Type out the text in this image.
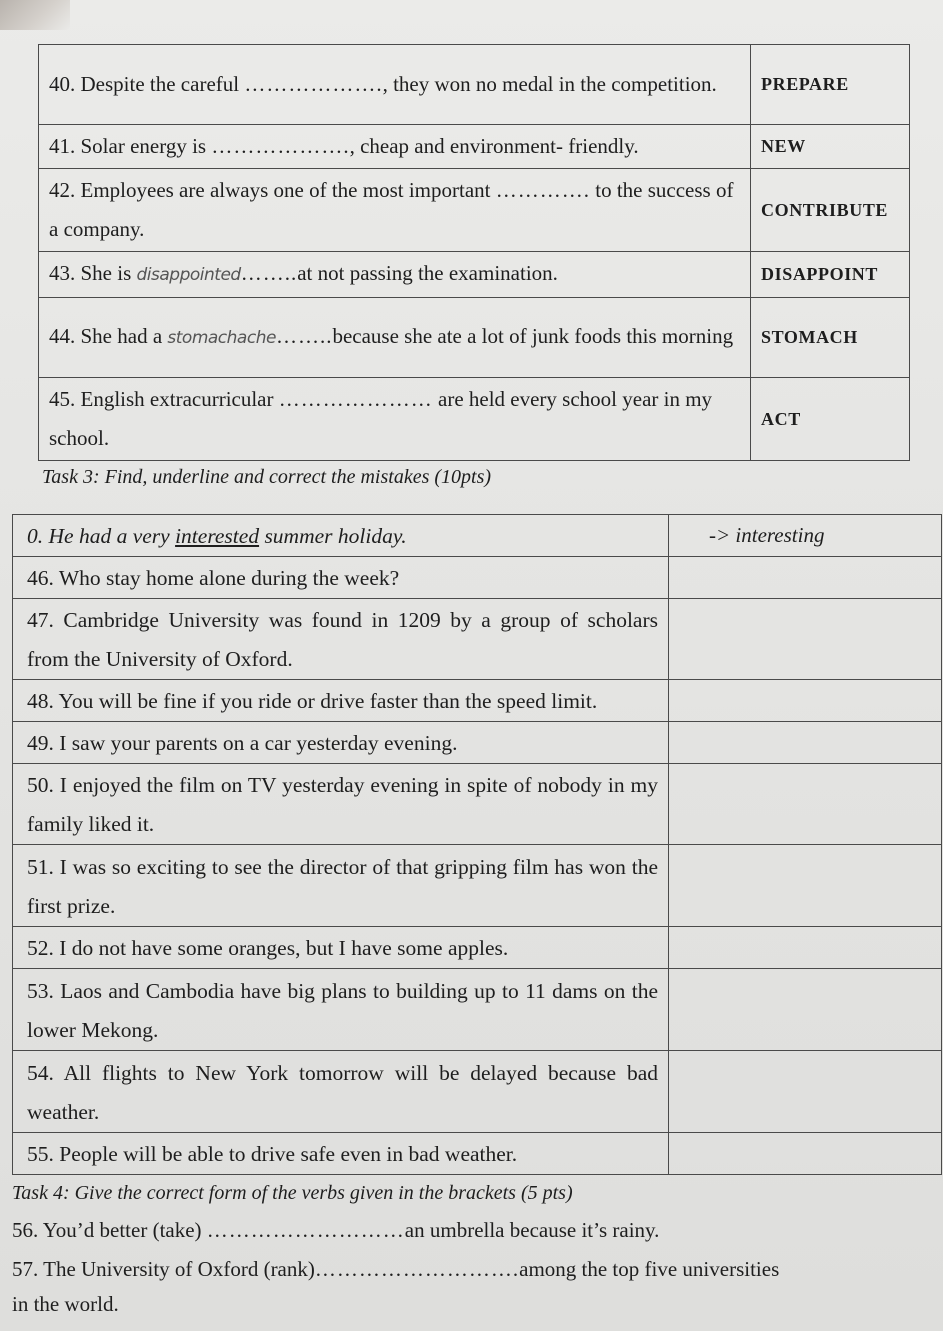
40. Despite the careful ………………., they won no medal in the competition.	PREPARE
41. Solar energy is ………………., cheap and environment- friendly.	NEW
42. Employees are always one of the most important …………. to the success of a company.	CONTRIBUTE
43. She is disappointed……..at not passing the examination.	DISAPPOINT
44. She had a stomachache……..because she ate a lot of junk foods this morning	STOMACH
45. English extracurricular ………………… are held every school year in my school.	ACT

Task 3: Find, underline and correct the mistakes (10pts)

0. He had a very interested summer holiday.	-> interesting
46. Who stay home alone during the week?	
47. Cambridge University was found in 1209 by a group of scholars from the University of Oxford.	
48. You will be fine if you ride or drive faster than the speed limit.	
49. I saw your parents on a car yesterday evening.	
50. I enjoyed the film on TV yesterday evening in spite of nobody in my family liked it.	
51. I was so exciting to see the director of that gripping film has won the first prize.	
52. I do not have some oranges, but I have some apples.	
53. Laos and Cambodia have big plans to building up to 11 dams on the lower Mekong.	
54. All flights to New York tomorrow will be delayed because bad weather.	
55. People will be able to drive safe even in bad weather.	

Task 4: Give the correct form of the verbs given in the brackets (5 pts)

56. You’d better (take) ………………………an umbrella because it’s rainy.

57. The University of Oxford (rank)……………………….among the top five universities

in the world.
